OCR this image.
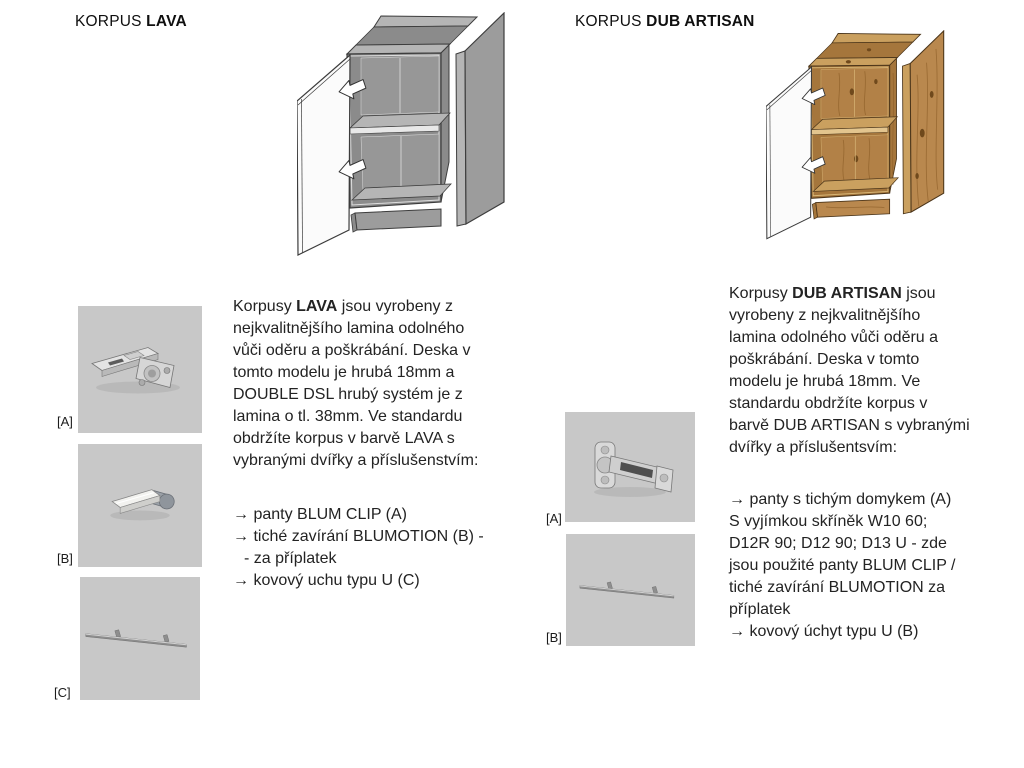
KORPUS LAVA
[A]
[B]
[C]
Korpusy LAVA jsou vyrobeny z
nejkvalitnějšího lamina odolného
vůči oděru a poškrábání. Deska v
tomto modelu je hrubá 18mm a
DOUBLE DSL hrubý systém je z
lamina o tl. 38mm. Ve standardu
obdržíte korpus v barvě LAVA s
vybranými dvířky a příslušenstvím:
→ panty BLUM CLIP (A)
→ tiché zavírání BLUMOTION (B) -
- za příplatek
→ kovový uchu typu U (C)
KORPUS DUB ARTISAN
[A]
[B]
Korpusy DUB ARTISAN jsou
vyrobeny z nejkvalitnějšího
lamina odolného vůči oděru a
poškrábání. Deska v tomto
modelu je hrubá 18mm. Ve
standardu obdržíte korpus v
barvě DUB ARTISAN s vybranými
dvířky a příslušentsvím:
→ panty s tichým domykem (A)
S vyjímkou skříněk W10 60;
D12R 90; D12 90; D13 U - zde
jsou použité panty BLUM CLIP /
tiché zavírání BLUMOTION za
příplatek
→ kovový úchyt typu U (B)
